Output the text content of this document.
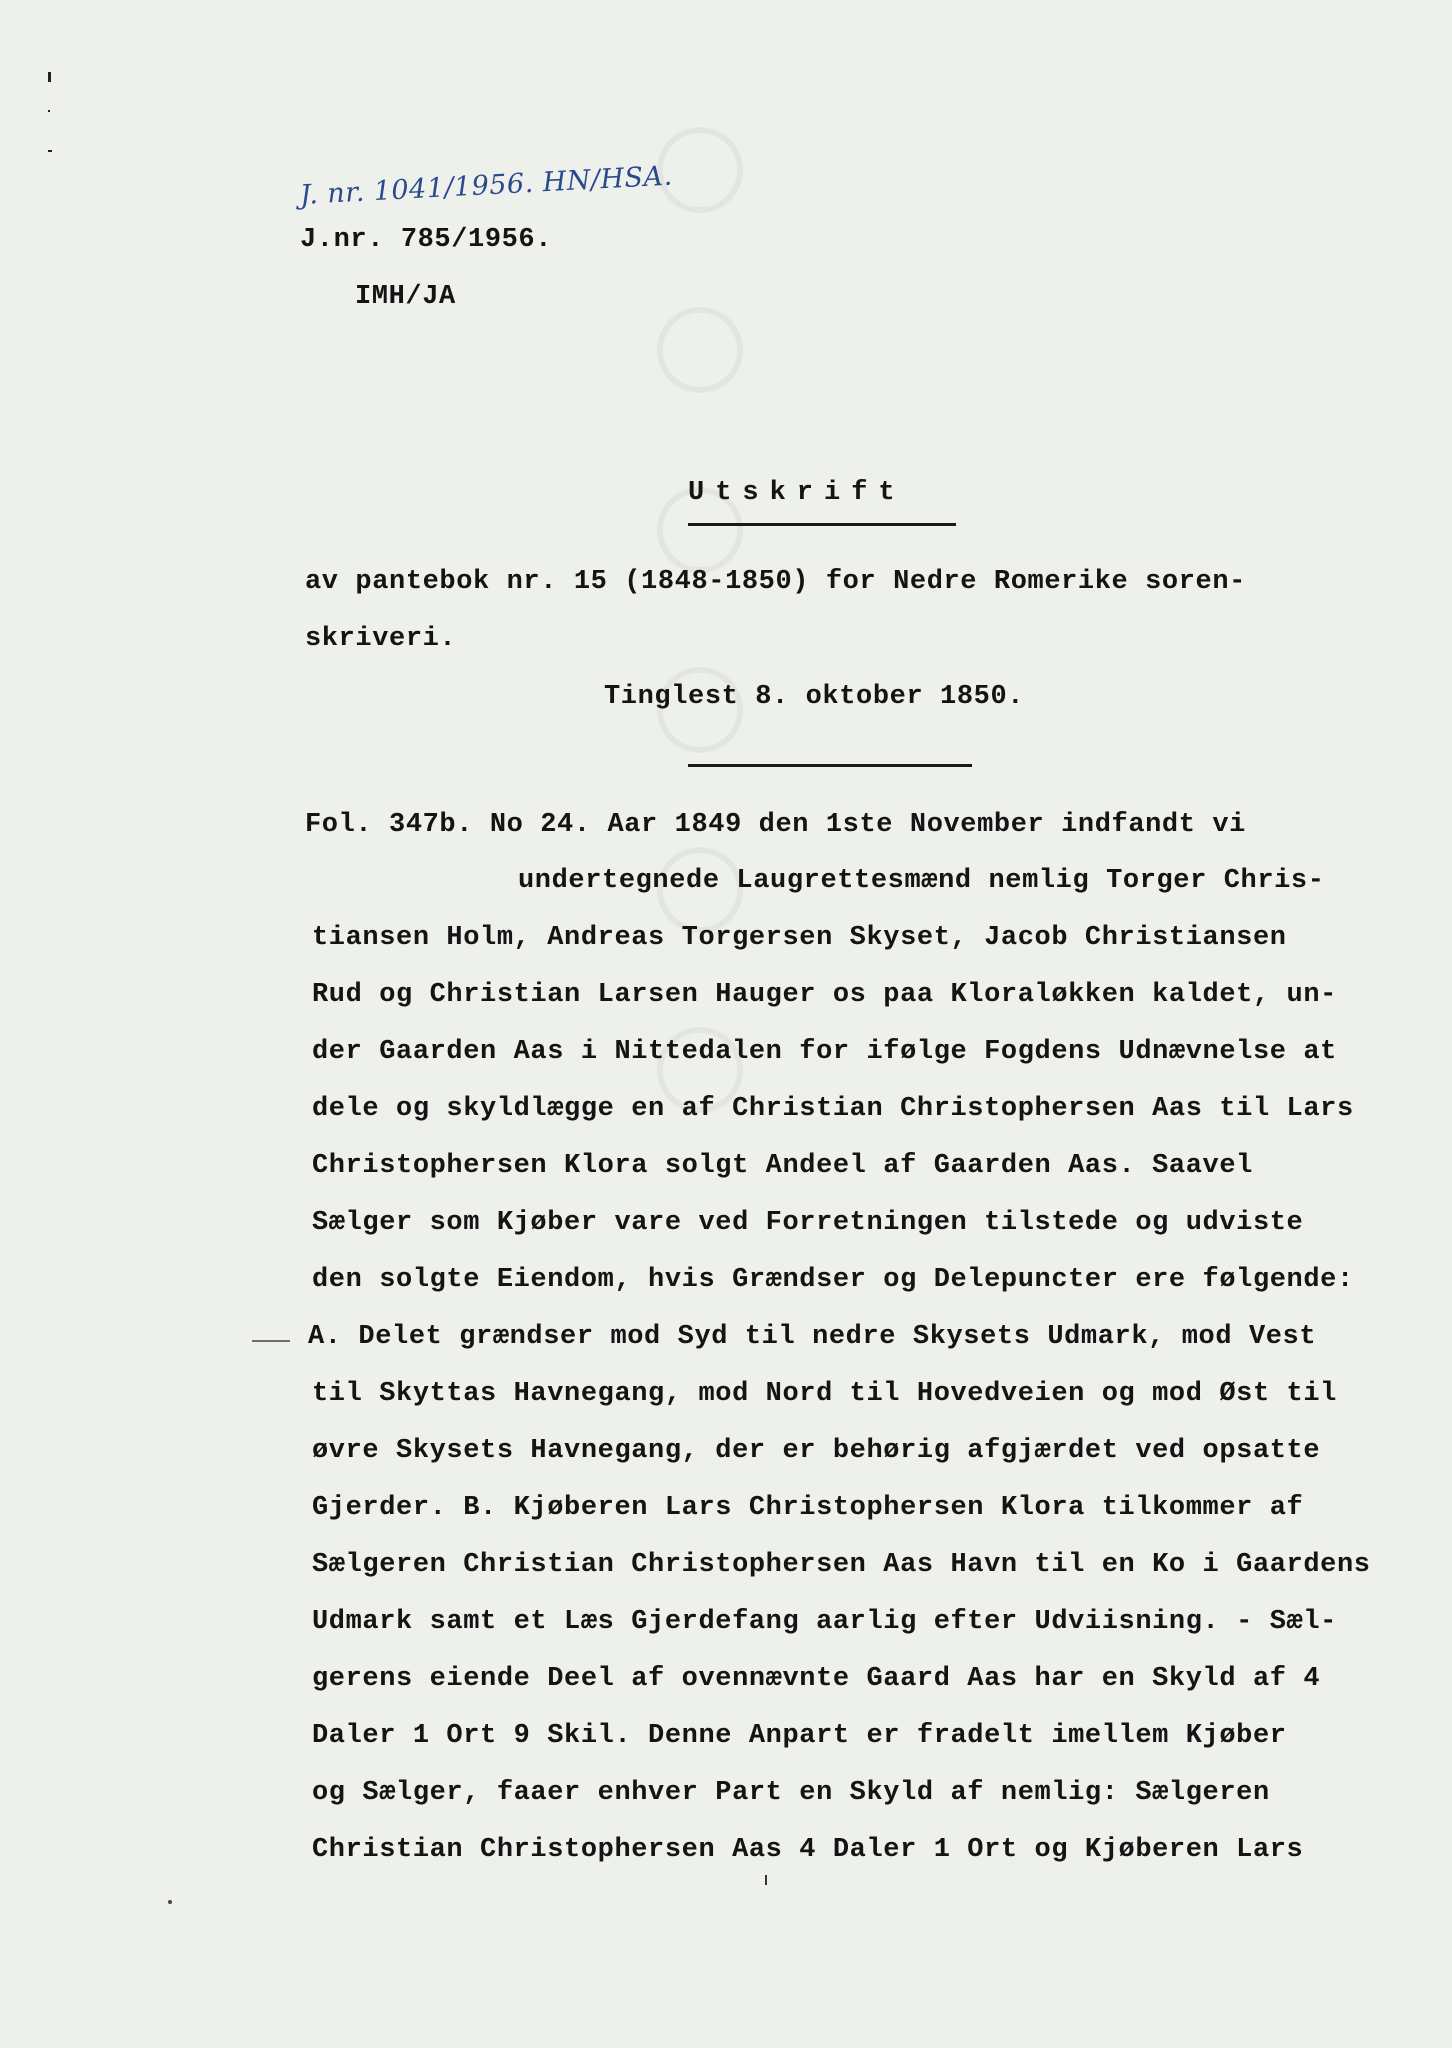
J. nr. 1041/1956. HN/HSA.
J.nr. 785/1956.
IMH/JA
Utskrift
av pantebok nr. 15 (1848-1850) for Nedre Romerike soren-
skriveri.
Tinglest 8. oktober 1850.
Fol. 347b. No 24. Aar 1849 den 1ste November indfandt vi
undertegnede Laugrettesmænd nemlig Torger Chris-
tiansen Holm, Andreas Torgersen Skyset, Jacob Christiansen
Rud og Christian Larsen Hauger os paa Kloraløkken kaldet, un-
der Gaarden Aas i Nittedalen for ifølge Fogdens Udnævnelse at
dele og skyldlægge en af Christian Christophersen Aas til Lars
Christophersen Klora solgt Andeel af Gaarden Aas. Saavel
Sælger som Kjøber vare ved Forretningen tilstede og udviste
den solgte Eiendom, hvis Grændser og Delepuncter ere følgende:
A. Delet grændser mod Syd til nedre Skysets Udmark, mod Vest
til Skyttas Havnegang, mod Nord til Hovedveien og mod Øst til
øvre Skysets Havnegang, der er behørig afgjærdet ved opsatte
Gjerder. B. Kjøberen Lars Christophersen Klora tilkommer af
Sælgeren Christian Christophersen Aas Havn til en Ko i Gaardens
Udmark samt et Læs Gjerdefang aarlig efter Udviisning. - Sæl-
gerens eiende Deel af ovennævnte Gaard Aas har en Skyld af 4
Daler 1 Ort 9 Skil. Denne Anpart er fradelt imellem Kjøber
og Sælger, faaer enhver Part en Skyld af nemlig: Sælgeren
Christian Christophersen Aas 4 Daler 1 Ort og Kjøberen Lars
